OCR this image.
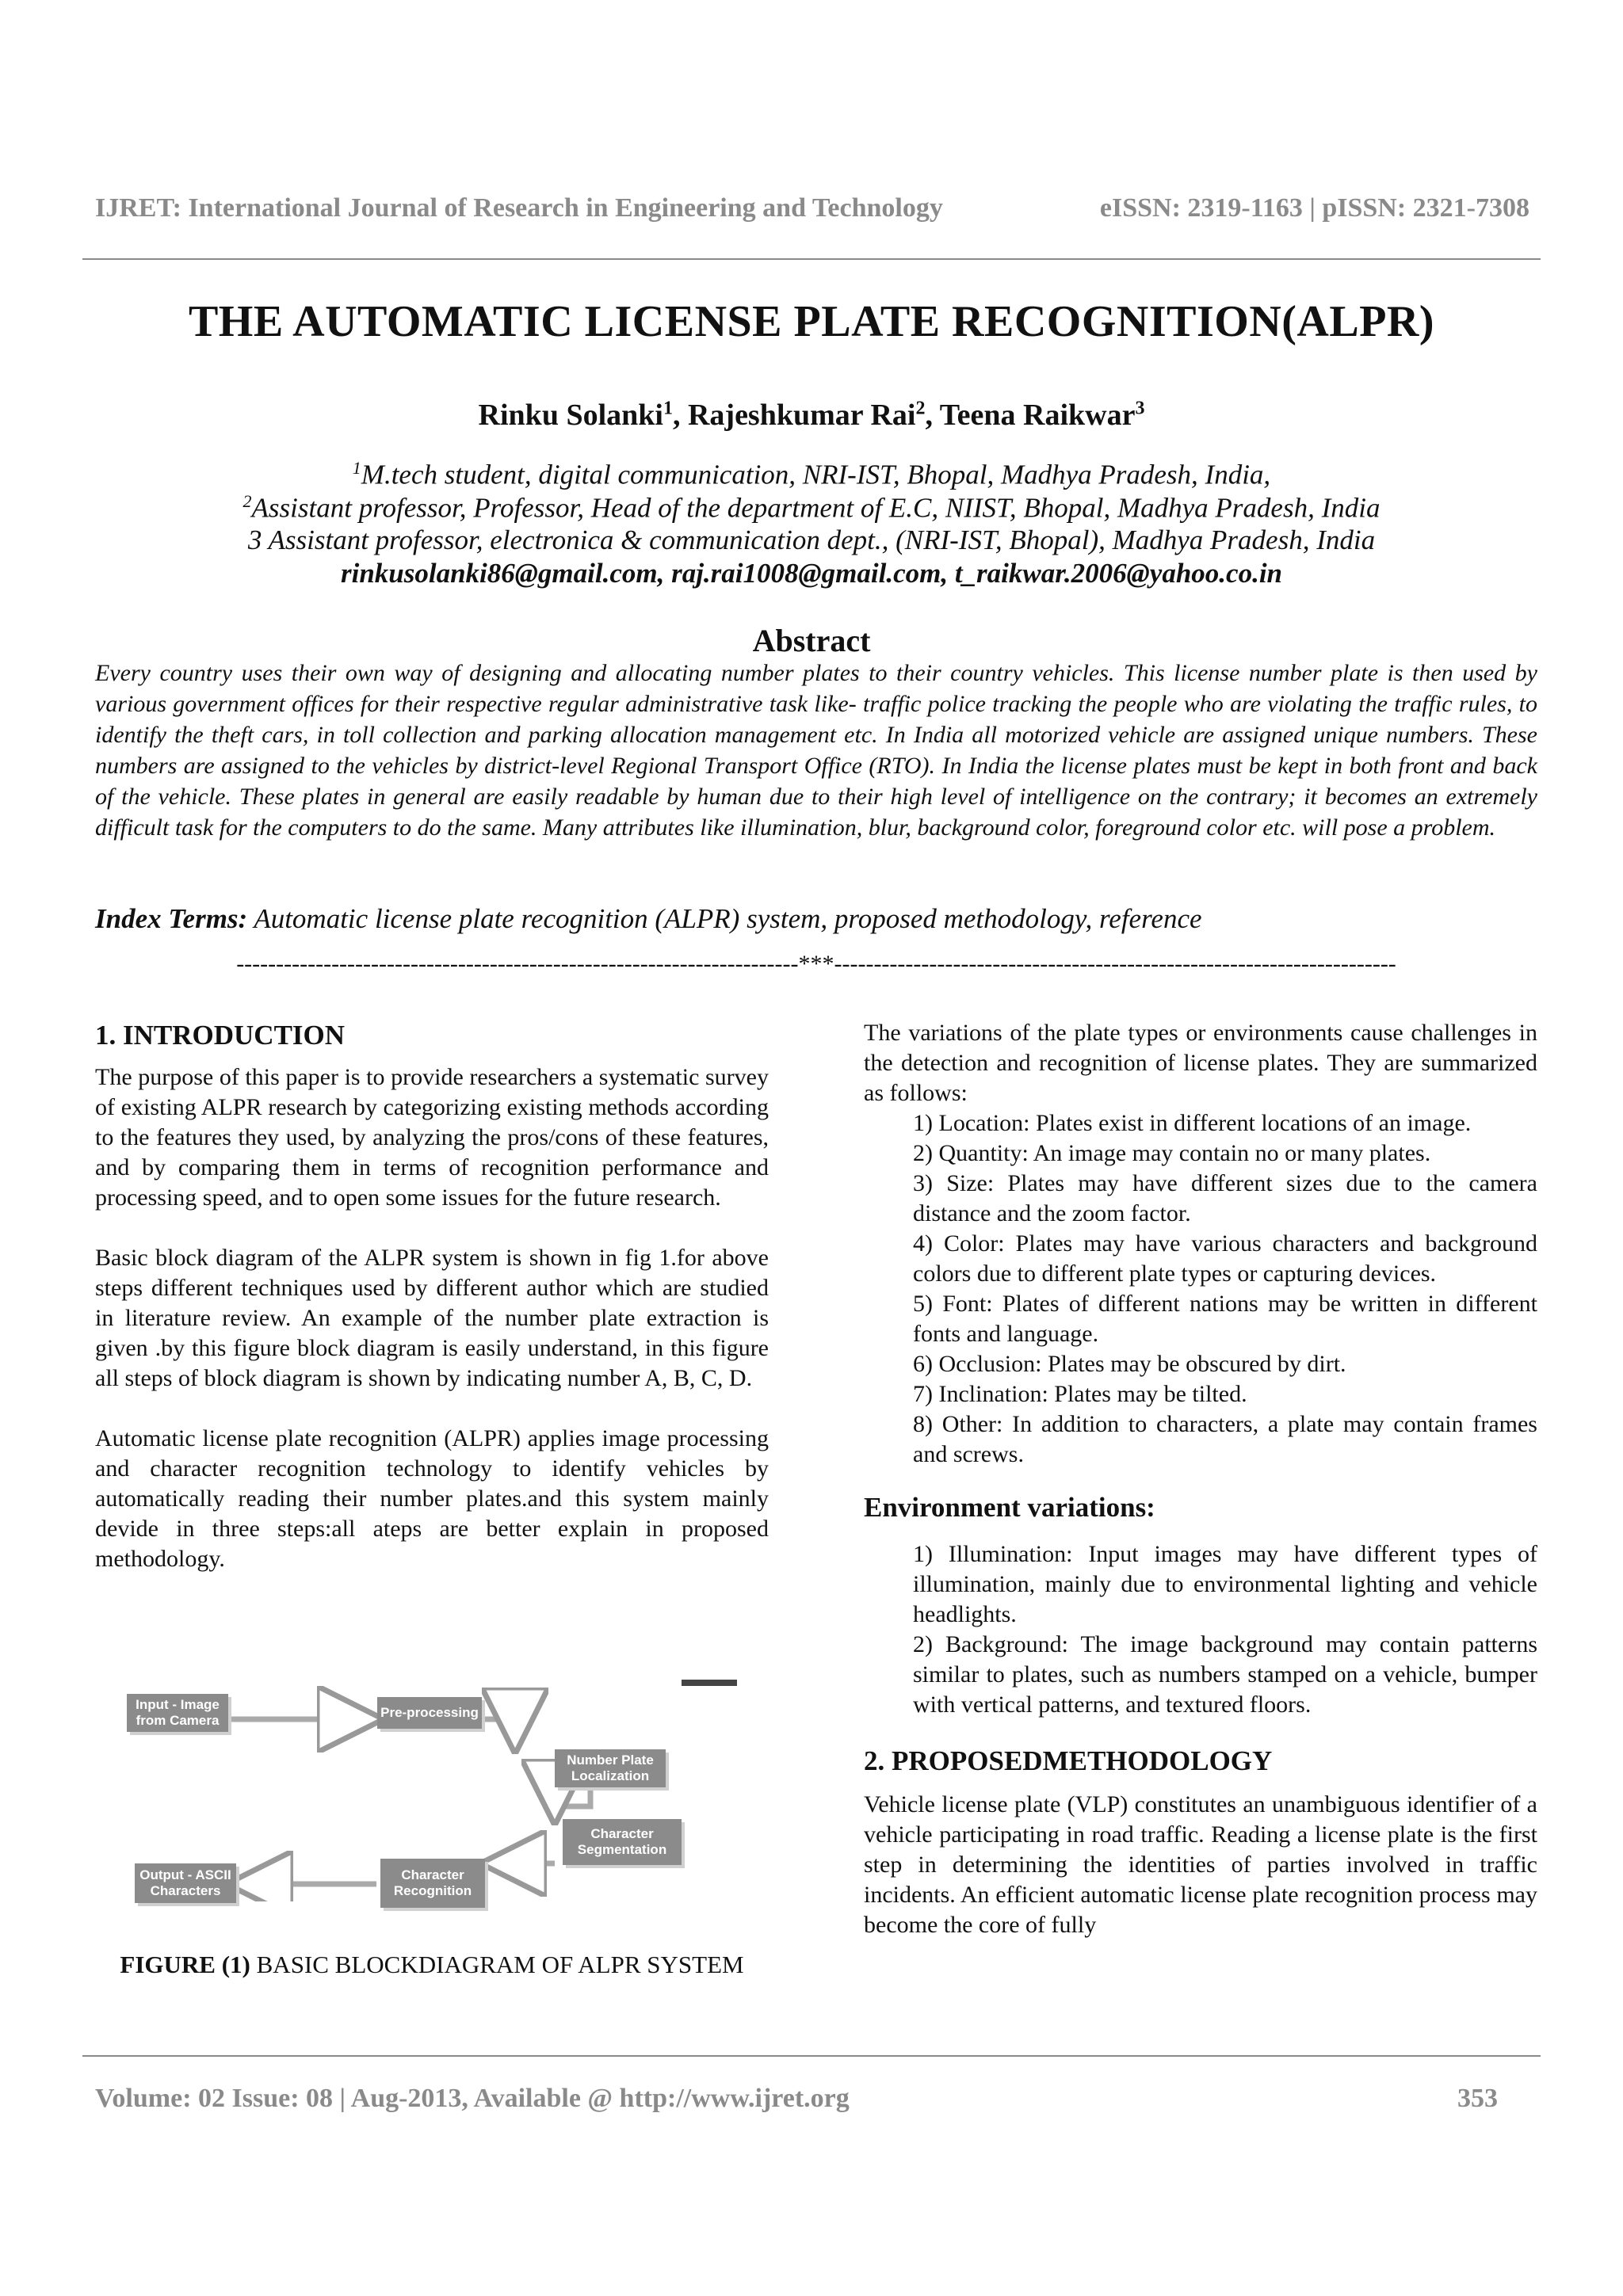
IJRET: International Journal of Research in Engineering and Technology	eISSN: 2319-1163 | pISSN: 2321-7308
THE AUTOMATIC LICENSE PLATE RECOGNITION(ALPR)
Rinku Solanki$^1$, Rajeshkumar Rai$^2$, Teena Raikwar$^3$
$^1$M.tech student, digital communication, NRI-IST, Bhopal, Madhya Pradesh, India,
$^2$Assistant professor, Professor, Head of the department of E.C, NIIST, Bhopal, Madhya Pradesh, India
3 Assistant professor, electronica & communication dept., (NRI-IST, Bhopal), Madhya Pradesh, India
rinkusolanki86@gmail.com, raj.rai1008@gmail.com, t_raikwar.2006@yahoo.co.in
Abstract

Every country uses their own way of designing and allocating number plates to their country vehicles. This license number plate is then used by various government offices for their respective regular administrative task like- traffic police tracking the people who are violating the traffic rules, to identify the theft cars, in toll collection and parking allocation management etc. In India all motorized vehicle are assigned unique numbers. These numbers are assigned to the vehicles by district-level Regional Transport Office (RTO). In India the license plates must be kept in both front and back of the vehicle. These plates in general are easily readable by human due to their high level of intelligence on the contrary; it becomes an extremely difficult task for the computers to do the same. Many attributes like illumination, blur, background color, foreground color etc. will pose a problem.

Index Terms: Automatic license plate recognition (ALPR) system, proposed methodology, reference
-----------------------------------------------------------------------***-----------------------------------------------------------------------
1. INTRODUCTION

The purpose of this paper is to provide researchers a systematic survey of existing ALPR research by categorizing existing methods according to the features they used, by analyzing the pros/cons of these features, and by comparing them in terms of recognition performance and processing speed, and to open some issues for the future research.

Basic block diagram of the ALPR system is shown in fig 1.for above steps different techniques used by different author which are studied in literature review. An example of the number plate extraction is given .by this figure block diagram is easily understand, in this figure all steps of block diagram is shown by indicating number A, B, C, D.

Automatic license plate recognition (ALPR) applies image processing and character recognition technology to identify vehicles by automatically reading their number plates.and this system mainly devide in three steps:all ateps are better explain in proposed methodology.

Input - Image from Camera
Pre-processing
Number Plate Localization
Character Segmentation
Character Recognition
Output - ASCII Characters
FIGURE (1) BASIC BLOCKDIAGRAM OF ALPR SYSTEM

The variations of the plate types or environments cause challenges in the detection and recognition of license plates. They are summarized as follows:

1) Location: Plates exist in different locations of an image.
2) Quantity: An image may contain no or many plates.
3) Size: Plates may have different sizes due to the camera distance and the zoom factor.
4) Color: Plates may have various characters and background colors due to different plate types or capturing devices.
5) Font: Plates of different nations may be written in different fonts and language.
6) Occlusion: Plates may be obscured by dirt.
7) Inclination: Plates may be tilted.
8) Other: In addition to characters, a plate may contain frames and screws.
Environment variations:
1) Illumination: Input images may have different types of illumination, mainly due to environmental lighting and vehicle headlights.
2) Background: The image background may contain patterns similar to plates, such as numbers stamped on a vehicle, bumper with vertical patterns, and textured floors.
2. PROPOSEDMETHODOLOGY

Vehicle license plate (VLP) constitutes an unambiguous identifier of a vehicle participating in road traffic. Reading a license plate is the first step in determining the identities of parties involved in traffic incidents. An efficient automatic license plate recognition process may become the core of fully

Volume: 02 Issue: 08 | Aug-2013, Available @ http://www.ijret.org	353
